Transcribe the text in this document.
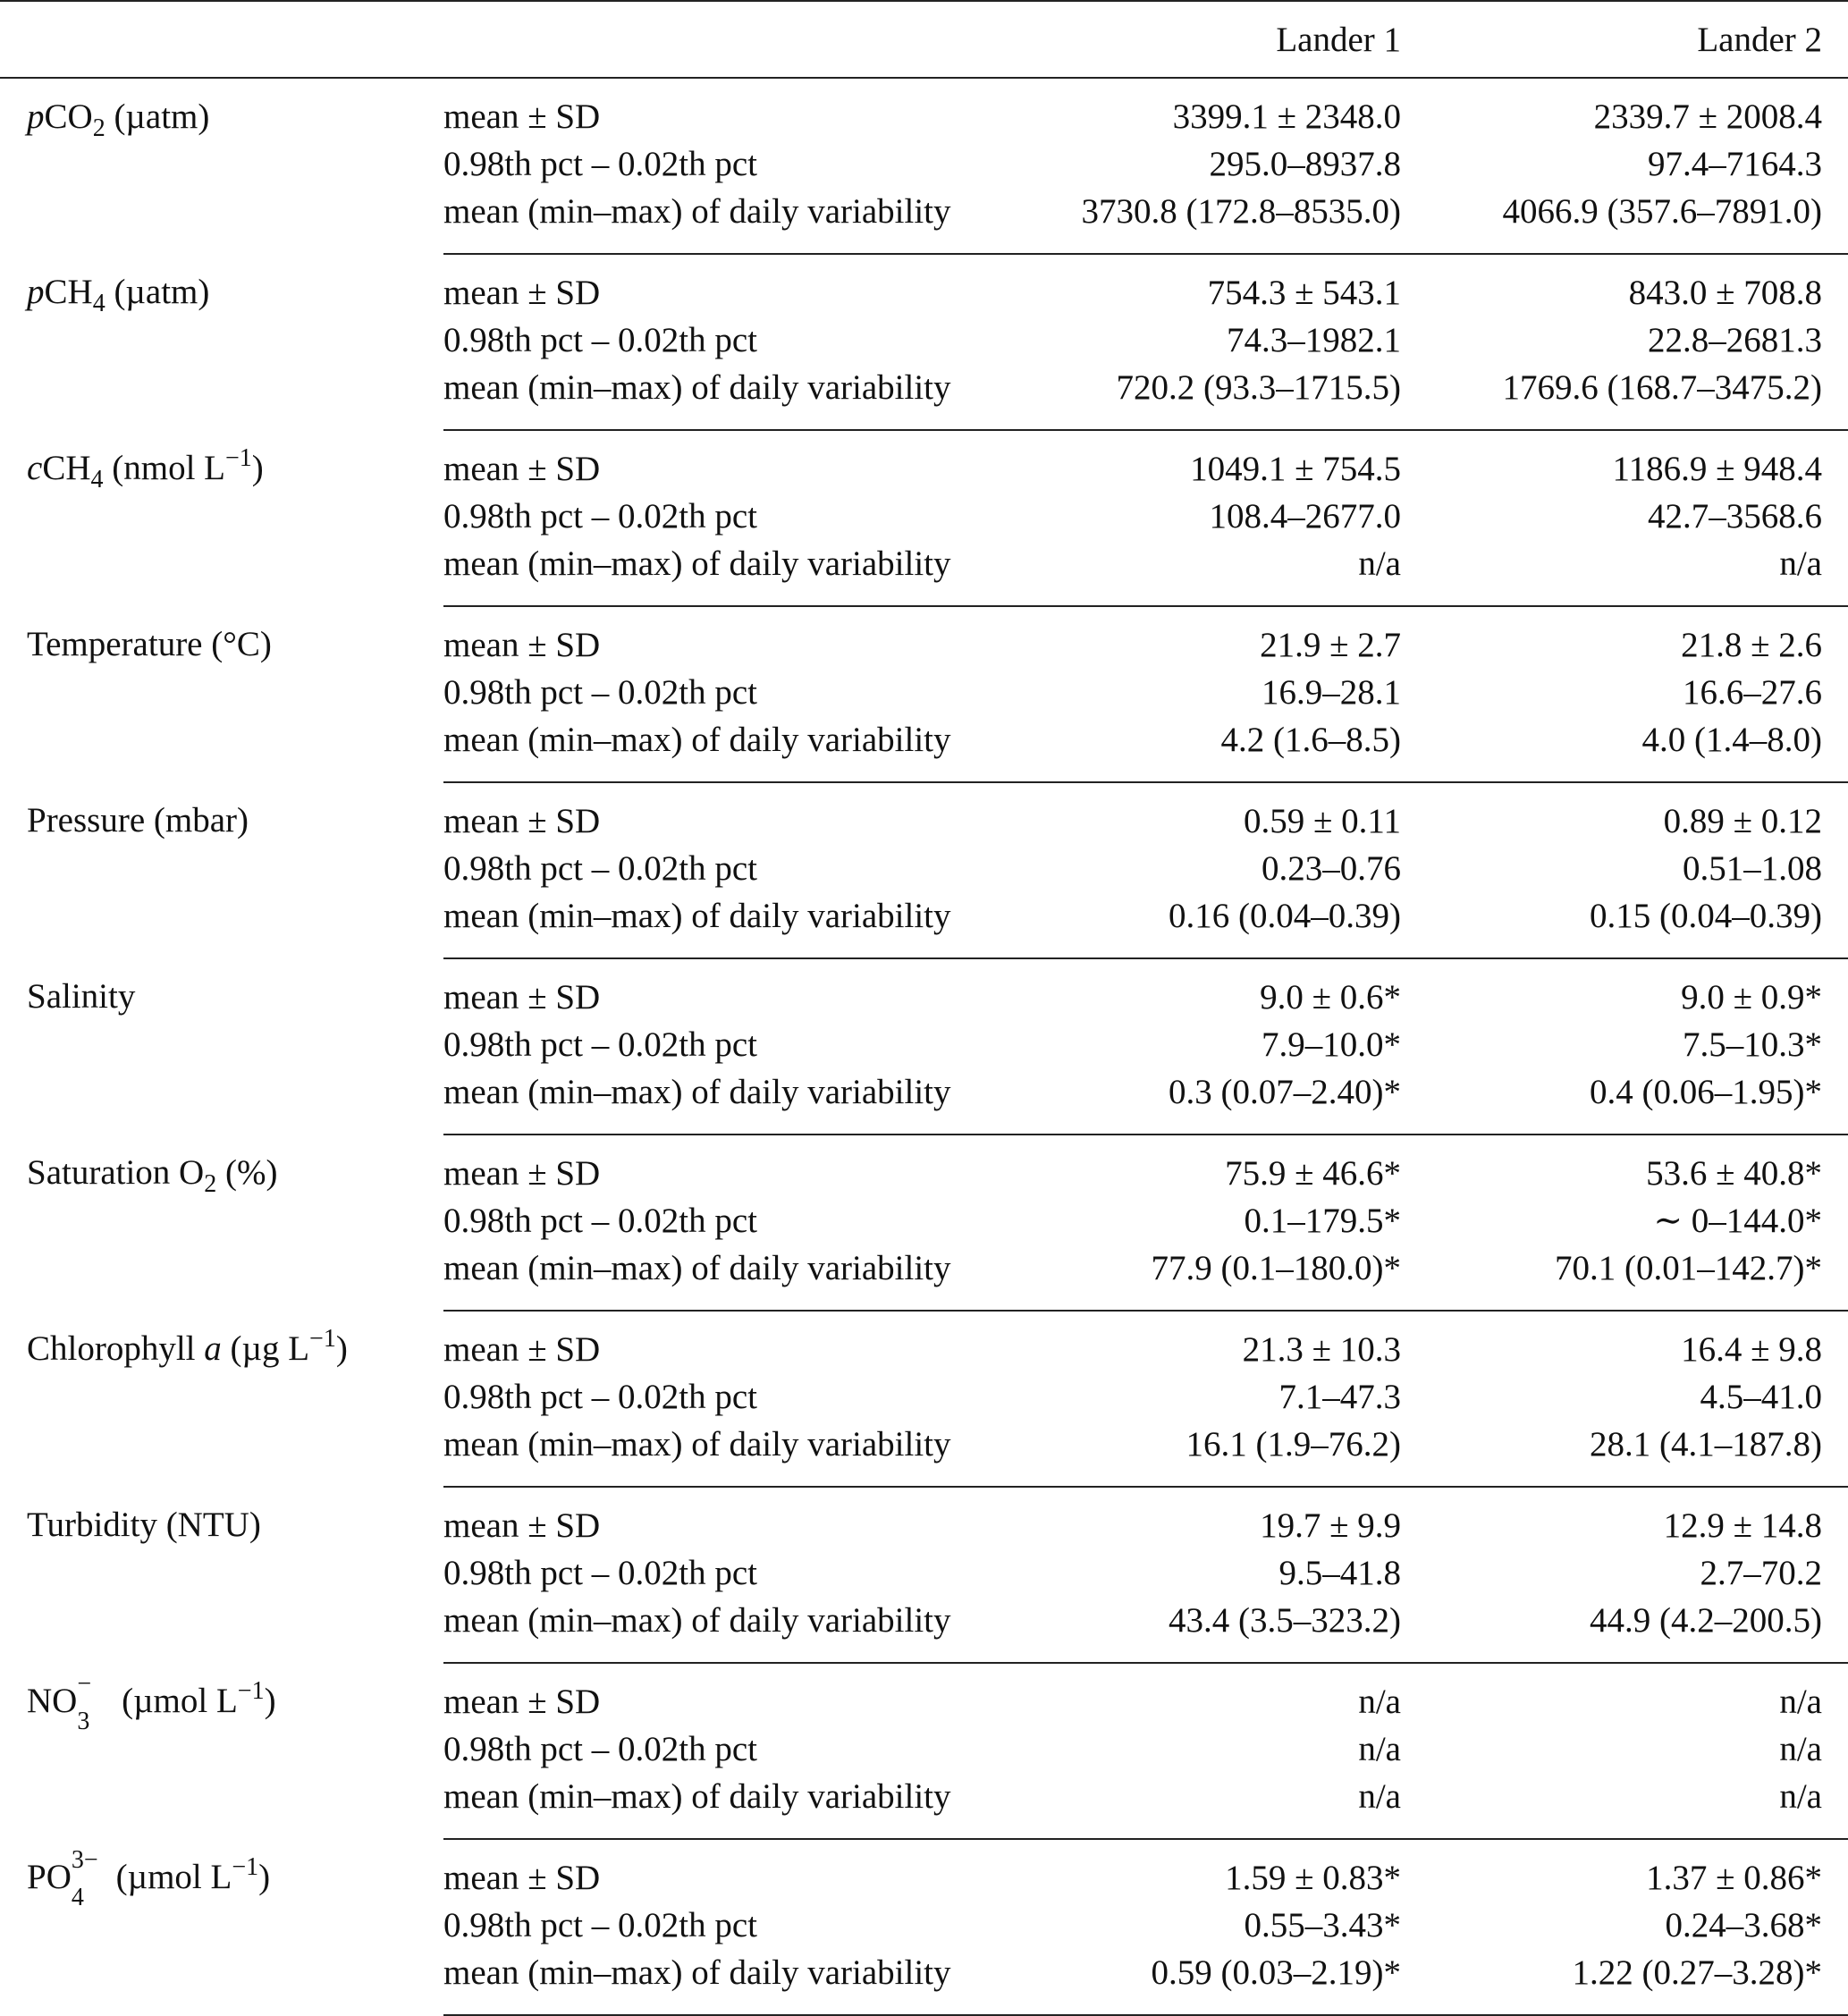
		Lander 1	Lander 2
pCO$_2$ (µatm)	mean ± SD	3399.1 ± 2348.0	2339.7 ± 2008.4
	0.98th pct – 0.02th pct	295.0–8937.8	97.4–7164.3
	mean (min–max) of daily variability	3730.8 (172.8–8535.0)	4066.9 (357.6–7891.0)
pCH$_4$ (µatm)	mean ± SD	754.3 ± 543.1	843.0 ± 708.8
	0.98th pct – 0.02th pct	74.3–1982.1	22.8–2681.3
	mean (min–max) of daily variability	720.2 (93.3–1715.5)	1769.6 (168.7–3475.2)
cCH$_4$ (nmol $L^{-1}$)	mean ± SD	1049.1 ± 754.5	1186.9 ± 948.4
	0.98th pct – 0.02th pct	108.4–2677.0	42.7–3568.6
	mean (min–max) of daily variability	n/a	n/a
Temperature (°C)	mean ± SD	21.9 ± 2.7	21.8 ± 2.6
	0.98th pct – 0.02th pct	16.9–28.1	16.6–27.6
	mean (min–max) of daily variability	4.2 (1.6–8.5)	4.0 (1.4–8.0)
Pressure (mbar)	mean ± SD	0.59 ± 0.11	0.89 ± 0.12
	0.98th pct – 0.02th pct	0.23–0.76	0.51–1.08
	mean (min–max) of daily variability	0.16 (0.04–0.39)	0.15 (0.04–0.39)
Salinity	mean ± SD	9.0 ± 0.6*	9.0 ± 0.9*
	0.98th pct – 0.02th pct	7.9–10.0*	7.5–10.3*
	mean (min–max) of daily variability	0.3 (0.07–2.40)*	0.4 (0.06–1.95)*
Saturation $O_2$ (%)	mean ± SD	75.9 ± 46.6*	53.6 ± 40.8*
	0.98th pct – 0.02th pct	0.1–179.5*	∼ 0–144.0*
	mean (min–max) of daily variability	77.9 (0.1–180.0)*	70.1 (0.01–142.7)*
Chlorophyll a (µg $L^{-1}$)	mean ± SD	21.3 ± 10.3	16.4 ± 9.8
	0.98th pct – 0.02th pct	7.1–47.3	4.5–41.0
	mean (min–max) of daily variability	16.1 (1.9–76.2)	28.1 (4.1–187.8)
Turbidity (NTU)	mean ± SD	19.7 ± 9.9	12.9 ± 14.8
	0.98th pct – 0.02th pct	9.5–41.8	2.7–70.2
	mean (min–max) of daily variability	43.4 (3.5–323.2)	44.9 (4.2–200.5)
NO −
3
(µmol $L^{-1}$)	mean ± SD	n/a	n/a
	0.98th pct – 0.02th pct	n/a	n/a
	mean (min–max) of daily variability	n/a	n/a
PO 3−
4
(µmol $L^{-1}$)	mean ± SD	1.59 ± 0.83*	1.37 ± 0.86*
	0.98th pct – 0.02th pct	0.55–3.43*	0.24–3.68*
	mean (min–max) of daily variability	0.59 (0.03–2.19)*	1.22 (0.27–3.28)*
